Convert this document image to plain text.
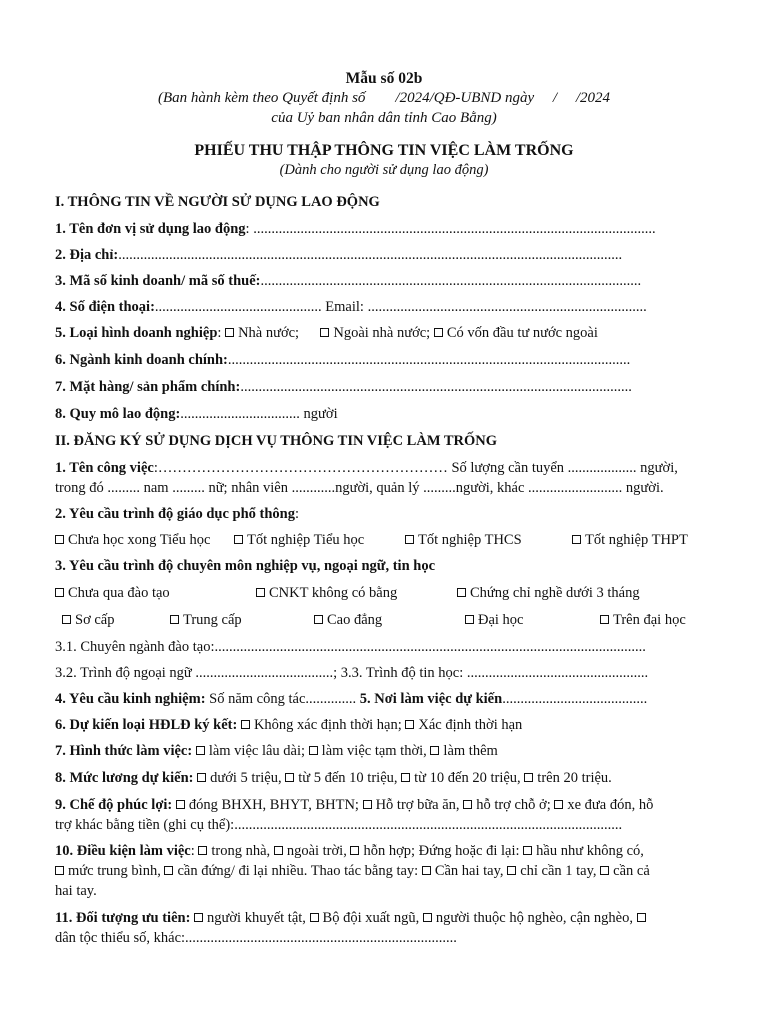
Mẫu số 02b
(Ban hành kèm theo Quyết định số        /2024/QĐ-UBND ngày     /     /2024
của Uỷ ban nhân dân tỉnh Cao Bằng)
PHIẾU THU THẬP THÔNG TIN VIỆC LÀM TRỐNG
(Dành cho người sử dụng lao động)
I. THÔNG TIN VỀ NGƯỜI SỬ DỤNG LAO ĐỘNG
1. Tên đơn vị sử dụng lao động: ...............................................................................................................
2. Địa chỉ:...........................................................................................................................................
3. Mã số kinh doanh/ mã số thuế:.........................................................................................................
4. Số điện thoại:.............................................. Email: .............................................................................
5. Loại hình doanh nghiệp: Nhà nước; Ngoài nhà nước; Có vốn đầu tư nước ngoài
6. Ngành kinh doanh chính:...............................................................................................................
7. Mặt hàng/ sản phẩm chính:............................................................................................................
8. Quy mô lao động:................................. người
II. ĐĂNG KÝ SỬ DỤNG DỊCH VỤ THÔNG TIN VIỆC LÀM TRỐNG
1. Tên công việc:…………………………………………………… Số lượng cần tuyển ................... người,
trong đó ......... nam ......... nữ; nhân viên ............người, quản lý .........người, khác .......................... người.
2. Yêu cầu trình độ giáo dục phổ thông:
Chưa học xong Tiểu học	Tốt nghiệp Tiểu học	Tốt nghiệp THCS	Tốt nghiệp THPT
3. Yêu cầu trình độ chuyên môn nghiệp vụ, ngoại ngữ, tin học
Chưa qua đào tạo	CNKT không có bằng	Chứng chỉ nghề dưới 3 tháng
Sơ cấp	Trung cấp	Cao đẳng	Đại học	Trên đại học
3.1. Chuyên ngành đào tạo:.......................................................................................................................
3.2. Trình độ ngoại ngữ ......................................; 3.3. Trình độ tin học: ..................................................
4. Yêu cầu kinh nghiệm: Số năm công tác.............. 5. Nơi làm việc dự kiến........................................
6. Dự kiến loại HĐLĐ ký kết: Không xác định thời hạn; Xác định thời hạn
7. Hình thức làm việc: làm việc lâu dài; làm việc tạm thời, làm thêm
8. Mức lương dự kiến: dưới 5 triệu, từ 5 đến 10 triệu, từ 10 đến 20 triệu, trên 20 triệu.
9. Chế độ phúc lợi: đóng BHXH, BHYT, BHTN; Hỗ trợ bữa ăn, hỗ trợ chỗ ở; xe đưa đón, hỗ
trợ khác bằng tiền (ghi cụ thể):...........................................................................................................
10. Điều kiện làm việc: trong nhà, ngoài trời, hỗn hợp; Đứng hoặc đi lại: hầu như không có,
mức trung bình, cần đứng/ đi lại nhiều. Thao tác bằng tay: Cần hai tay, chỉ cần 1 tay, cần cả
hai tay.
11. Đối tượng ưu tiên: người khuyết tật, Bộ đội xuất ngũ, người thuộc hộ nghèo, cận nghèo,
dân tộc thiểu số, khác:...........................................................................
